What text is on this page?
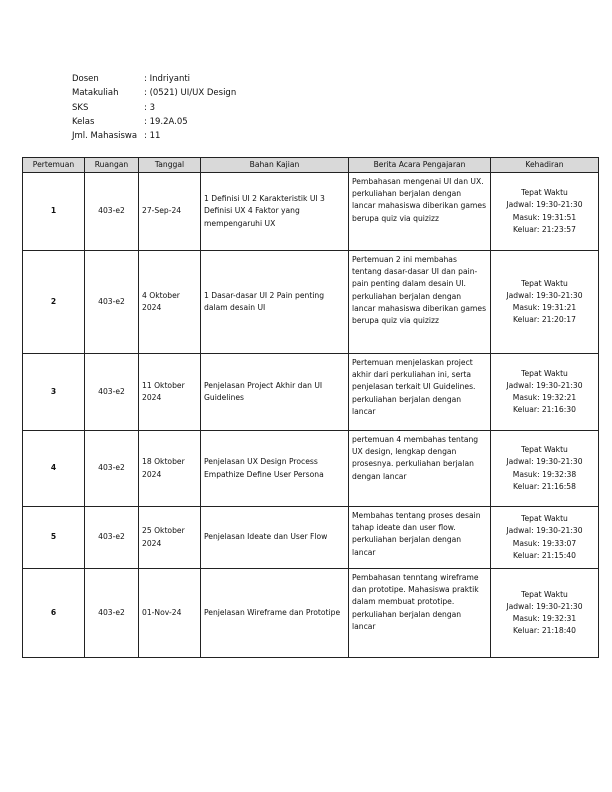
Dosen	: Indriyanti
Matakuliah	: (0521) UI/UX Design
SKS	: 3
Kelas	: 19.2A.05
Jml. Mahasiswa : 11
Pertemuan	Ruangan	Tanggal	Bahan Kajian	Berita Acara Pengajaran	Kehadiran
1	403-e2	27-Sep-24	1 Definisi UI 2 Karakteristik UI 3 Definisi UX 4 Faktor yang mempengaruhi UX	Pembahasan mengenai UI dan UX. perkuliahan berjalan dengan lancar mahasiswa diberikan games berupa quiz via quizizz	Tepat Waktu
Jadwal: 19:30-21:30
Masuk: 19:31:51
Keluar: 21:23:57

2	403-e2	4 Oktober 2024	1 Dasar-dasar UI 2 Pain penting dalam desain UI	Pertemuan 2 ini membahas tentang dasar-dasar UI dan pain-pain penting dalam desain UI. perkuliahan berjalan dengan lancar mahasiswa diberikan games berupa quiz via quizizz	Tepat Waktu
Jadwal: 19:30-21:30
Masuk: 19:31:21
Keluar: 21:20:17

3	403-e2	11 Oktober 2024	Penjelasan Project Akhir dan UI Guidelines	Pertemuan menjelaskan project akhir dari perkuliahan ini, serta penjelasan terkait UI Guidelines. perkuliahan berjalan dengan lancar	Tepat Waktu
Jadwal: 19:30-21:30
Masuk: 19:32:21
Keluar: 21:16:30

4	403-e2	18 Oktober 2024	Penjelasan UX Design Process Empathize Define User Persona	pertemuan 4 membahas tentang UX design, lengkap dengan prosesnya. perkuliahan berjalan dengan lancar	Tepat Waktu
Jadwal: 19:30-21:30
Masuk: 19:32:38
Keluar: 21:16:58

5	403-e2	25 Oktober 2024	Penjelasan Ideate dan User Flow	Membahas tentang proses desain tahap ideate dan user flow. perkuliahan berjalan dengan lancar	Tepat Waktu
Jadwal: 19:30-21:30
Masuk: 19:33:07
Keluar: 21:15:40

6	403-e2	01-Nov-24	Penjelasan Wireframe dan Prototipe	Pembahasan tenntang wireframe dan prototipe. Mahasiswa praktik dalam membuat prototipe. perkuliahan berjalan dengan lancar	Tepat Waktu
Jadwal: 19:30-21:30
Masuk: 19:32:31
Keluar: 21:18:40
